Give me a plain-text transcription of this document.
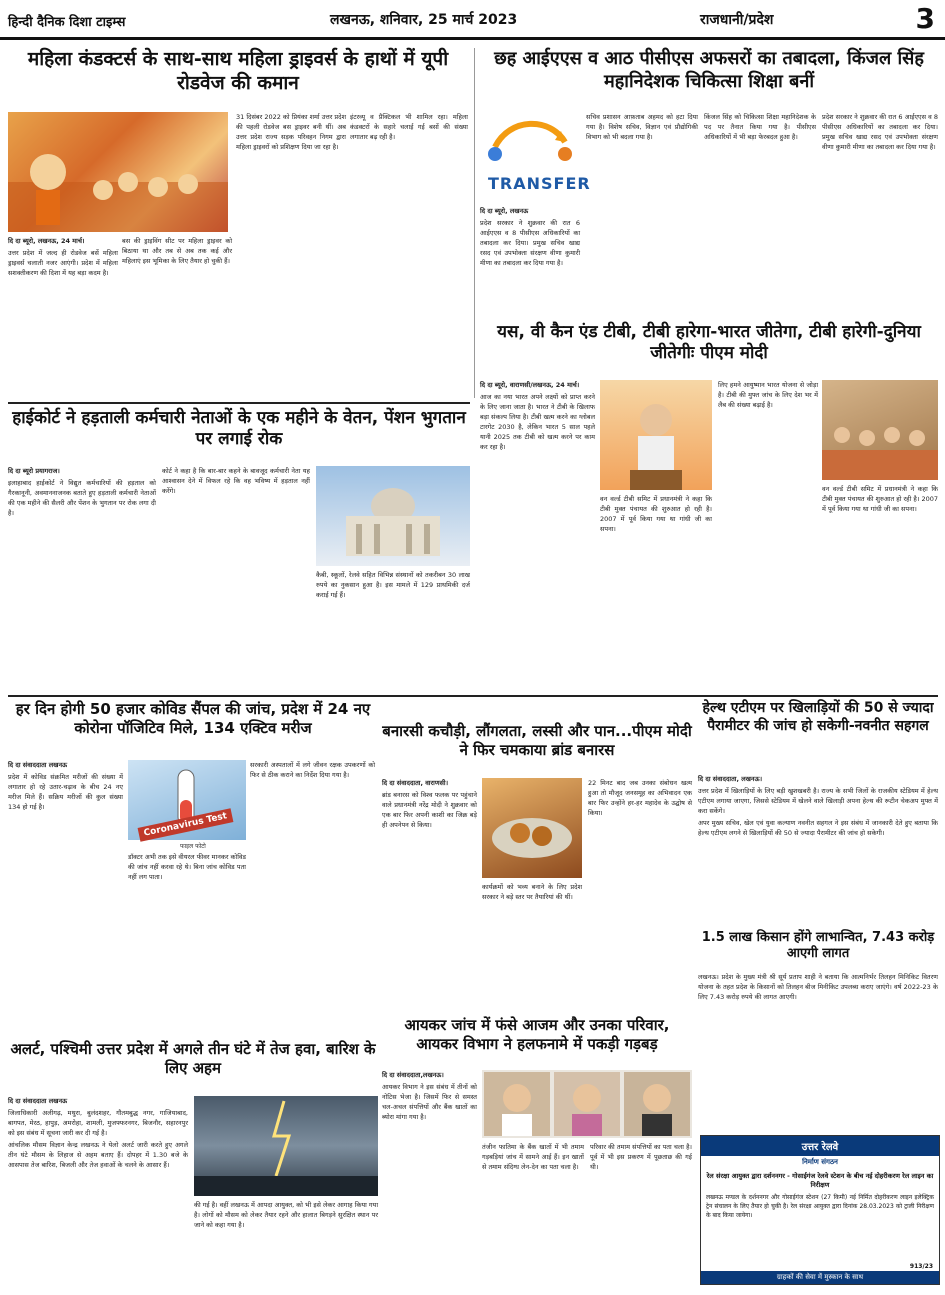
हिन्दी दैनिक दिशा टाइम्स	लखनऊ, शनिवार, 25 मार्च 2023	राजधानी/प्रदेश	3
महिला कंडक्टर्स के साथ-साथ महिला ड्राइवर्स के हाथों में यूपी रोडवेज की कमान

दि दा ब्यूरो, लखनऊ, 24 मार्च।

उत्तर प्रदेश में जल्द ही रोडवेज बसें महिला ड्राइवर्स चलाती नजर आएंगी। प्रदेश में महिला सशक्तीकरण की दिशा में यह बड़ा कदम है।

बस की ड्राइविंग सीट पर महिला ड्राइवर को बिठाया था और तब से अब तक कई और महिलाएं इस भूमिका के लिए तैयार हो चुकी हैं।

31 दिसंबर 2022 को प्रियंका शर्मा उत्तर प्रदेश की पहली रोडवेज बस ड्राइवर बनी थीं। अब उत्तर प्रदेश राज्य सड़क परिवहन निगम द्वारा महिला ड्राइवरों को प्रशिक्षण दिया जा रहा है।

इंटरव्यू व प्रैक्टिकल भी शामिल रहा। महिला कंडक्टरों के सहारे चलाई गई बसों की संख्या लगातार बढ़ रही है।

छह आईएएस व आठ पीसीएस अफसरों का तबादला, किंजल सिंह महानिदेशक चिकित्सा शिक्षा बनीं
TRANSFER

दि दा ब्यूरो, लखनऊ

प्रदेश सरकार ने शुक्रवार की रात 6 आईएएस व 8 पीसीएस अधिकारियों का तबादला कर दिया। प्रमुख सचिव खाद्य रसद एवं उपभोक्ता संरक्षण वीणा कुमारी मीणा का तबादला कर दिया गया है।

सचिव प्रशासन आफ़ताब अहमद को हटा दिया गया है। विशेष सचिव, विज्ञान एवं प्रौद्योगिकी विभाग को भी बदला गया है।

किंजल सिंह को चिकित्सा शिक्षा महानिदेशक के पद पर तैनात किया गया है। पीसीएस अधिकारियों में भी बड़ा फेरबदल हुआ है।

प्रदेश सरकार ने शुक्रवार की रात 6 आईएएस व 8 पीसीएस अधिकारियों का तबादला कर दिया। प्रमुख सचिव खाद्य रसद एवं उपभोक्ता संरक्षण वीणा कुमारी मीणा का तबादला कर दिया गया है।

यस, वी कैन एंड टीबी, टीबी हारेगा-भारत जीतेगा, टीबी हारेगी-दुनिया जीतेगीः पीएम मोदी

दि दा ब्यूरो, वाराणसी/लखनऊ, 24 मार्च।

आज का नया भारत अपने लक्ष्यों को प्राप्त करने के लिए जाना जाता है। भारत ने टीबी के खिलाफ बड़ा संकल्प लिया है। टीबी खत्म करने का ग्लोबल टारगेट 2030 है, लेकिन भारत 5 साल पहले यानी 2025 तक टीबी को खत्म करने पर काम कर रहा है।

वन वर्ल्ड टीबी समिट में प्रधानमंत्री ने कहा कि टीबी मुक्त पंचायत की शुरुआत हो रही है। 2007 में पूर्व किया गया था गांधी जी का सपना।

लिए हमने आयुष्मान भारत योजना से जोड़ा है। टीबी की मुफ्त जांच के लिए देश भर में लैब की संख्या बढ़ाई है।

वन वर्ल्ड टीबी समिट में प्रधानमंत्री ने कहा कि टीबी मुक्त पंचायत की शुरुआत हो रही है। 2007 में पूर्व किया गया था गांधी जी का सपना।

हाईकोर्ट ने हड़ताली कर्मचारी नेताओं के एक महीने के वेतन, पेंशन भुगतान पर लगाई रोक

दि दा ब्यूरो प्रयागराज।

इलाहाबाद हाईकोर्ट ने विद्युत कर्मचारियों की हड़ताल को गैरकानूनी, अवमाननाजनक बताते हुए हड़ताली कर्मचारी नेताओं की एक महीने की सैलरी और पेंशन के भुगतान पर रोक लगा दी है।

कोर्ट ने कहा है कि बार-बार कहने के बावजूद कर्मचारी नेता यह आश्वासन देने में विफल रहे कि वह भविष्य में हड़ताल नहीं करेंगे।

कैबी, स्कूलों, रेलवे सहित विभिन्न संस्थानों को तकरीबन 30 लाख रुपये का नुकसान हुआ है। इस मामले में 129 प्राथमिकी दर्ज कराई गई हैं।

हर दिन होगी 50 हजार कोविड सैंपल की जांच, प्रदेश में 24 नए कोरोना पॉजिटिव मिले, 134 एक्टिव मरीज

दि दा संवाददाता लखनऊ

प्रदेश में कोविड संक्रमित मरीजों की संख्या में लगातार हो रहे उतार-चढ़ाव के बीच 24 नए मरीज मिले हैं। सक्रिय मरीजों की कुल संख्या 134 हो गई है।

Coronavirus Test
फाइल फोटो

डॉक्टर अभी तक इसे वीयरल फीवर मानकर कोविड की जांच नहीं करवा रहे थे। बिना जांच कोविड पता नहीं लग पाता।

सरकारी अस्पतालों में लगे जीवन रक्षक उपकरणों को फिर से ठीक कराने का निर्देश दिया गया है।

बनारसी कचौड़ी, लौंगलता, लस्सी और पान...पीएम मोदी ने फिर चमकाया ब्रांड बनारस

दि दा संवाददाता, वाराणसी।

ब्रांड बनारस को विश्व फलक पर पहुंचाने वाले प्रधानमंत्री नरेंद्र मोदी ने शुक्रवार को एक बार फिर अपनी काशी का जिक्र बड़े ही अपनेपन से किया।

कार्यक्रमों को भव्य बनाने के लिए प्रदेश सरकार ने बड़े स्तर पर तैयारियां की थीं।

22 मिनट बाद जब उनका संबोधन खत्म हुआ तो मौजूद जनसमूह का अभिवादन एक बार फिर उन्होंने हर-हर महादेव के उद्घोष से किया।

हेल्थ एटीएम पर खिलाड़ियों की 50 से ज्यादा पैरामीटर की जांच हो सकेगी-नवनीत सहगल

दि दा संवाददाता, लखनऊ।

उत्तर प्रदेश में खिलाड़ियों के लिए बड़ी खुशखबरी है। राज्य के सभी जिलों के राजकीय स्टेडियम में हेल्थ एटीएम लगाया जाएगा, जिससे स्टेडियम में खेलने वाले खिलाड़ी अपना हेल्थ की रूटीन चेकअप मुफ्त में करा सकेंगे।

अपर मुख्य सचिव, खेल एवं युवा कल्याण नवनीत सहगल ने इस संबंध में जानकारी देते हुए बताया कि हेल्थ एटीएम लगने से खिलाड़ियों की 50 से ज्यादा पैरामीटर की जांच हो सकेगी।

1.5 लाख किसान होंगे लाभान्वित, 7.43 करोड़ आएगी लागत

लखनऊ। प्रदेश के मुख्य मंत्री श्री सूर्य प्रताप शाही ने बताया कि आत्मनिर्भर तिलहन मिनिकिट वितरण योजना के तहत प्रदेश के किसानों को तिलहन बीज मिनीकिट उपलब्ध कराए जाएंगे। वर्ष 2022-23 के लिए 7.43 करोड़ रुपये की लागत आएगी।

अलर्ट, पश्चिमी उत्तर प्रदेश में अगले तीन घंटे में तेज हवा, बारिश के लिए अहम

दि दा संवाददाता लखनऊ

जिलाधिकारी अलीगढ़, मथुरा, बुलंदशहर, गौतमबुद्ध नगर, गाजियाबाद, बागपत, मेरठ, हापुड़, अमरोहा, शामली, मुजफ्फरनगर, बिजनौर, सहारनपुर को इस संबंध में सूचना जारी कर दी गई है।

आंचलिक मौसम विज्ञान केन्द्र लखनऊ ने येलो अलर्ट जारी करते हुए अगले तीन घंटे मौसम के लिहाज से अहम बताए हैं। दोपहर में 1.30 बजे के आसपास तेज बारिश, बिजली और तेज हवाओं के चलने के आसार हैं।

की गई है। वहीं लखनऊ में आपदा आयुक्त, को भी इसे लेकर आगाह किया गया है। लोगों को मौसम को लेकर तैयार रहने और हालात बिगड़ने सुरक्षित स्थान पर जाने को कहा गया है।

आयकर जांच में फंसे आजम और उनका परिवार, आयकर विभाग ने हलफनामे में पकड़ी गड़बड़

दि दा संवाददाता,लखनऊ।

आयकर विभाग ने इस संबंध में तीनों को नोटिस भेजा है। जिसमें फिर से समस्त चल-अचल संपत्तियों और बैंक खातों का ब्योरा मांगा गया है।

तंजीन फातिमा के बैंक खातों में भी तमाम गड़बड़ियां जांच में सामने आई हैं। इन खातों से तमाम संदिग्ध लेन-देन का पता चला है।

परिवार की तमाम संपत्तियों का पता चला है। पूर्व में भी इस प्रकरण में पूछताछ की गई थी।

उत्तर रेलवे
निर्माण संगठन
रेल संरक्षा आयुक्त द्वारा दर्शननगर - गोसाईगंज रेलवे स्टेशन के बीच नई दोहरीकरण रेल लाइन का निरीक्षण
लखनऊ मण्डल के दर्शननगर और गोसाईगंज स्टेशन (27 किमी) नई निर्मित दोहरीकरण लाइन इलेक्ट्रिक ट्रेन संचालन के लिए तैयार हो चुकी है। रेल संरक्षा आयुक्त द्वारा दिनांक 28.03.2023 को ट्राली निरीक्षण के बाद किया जायेगा।
913/23
ग्राहकों की सेवा में मुस्कान के साथ
